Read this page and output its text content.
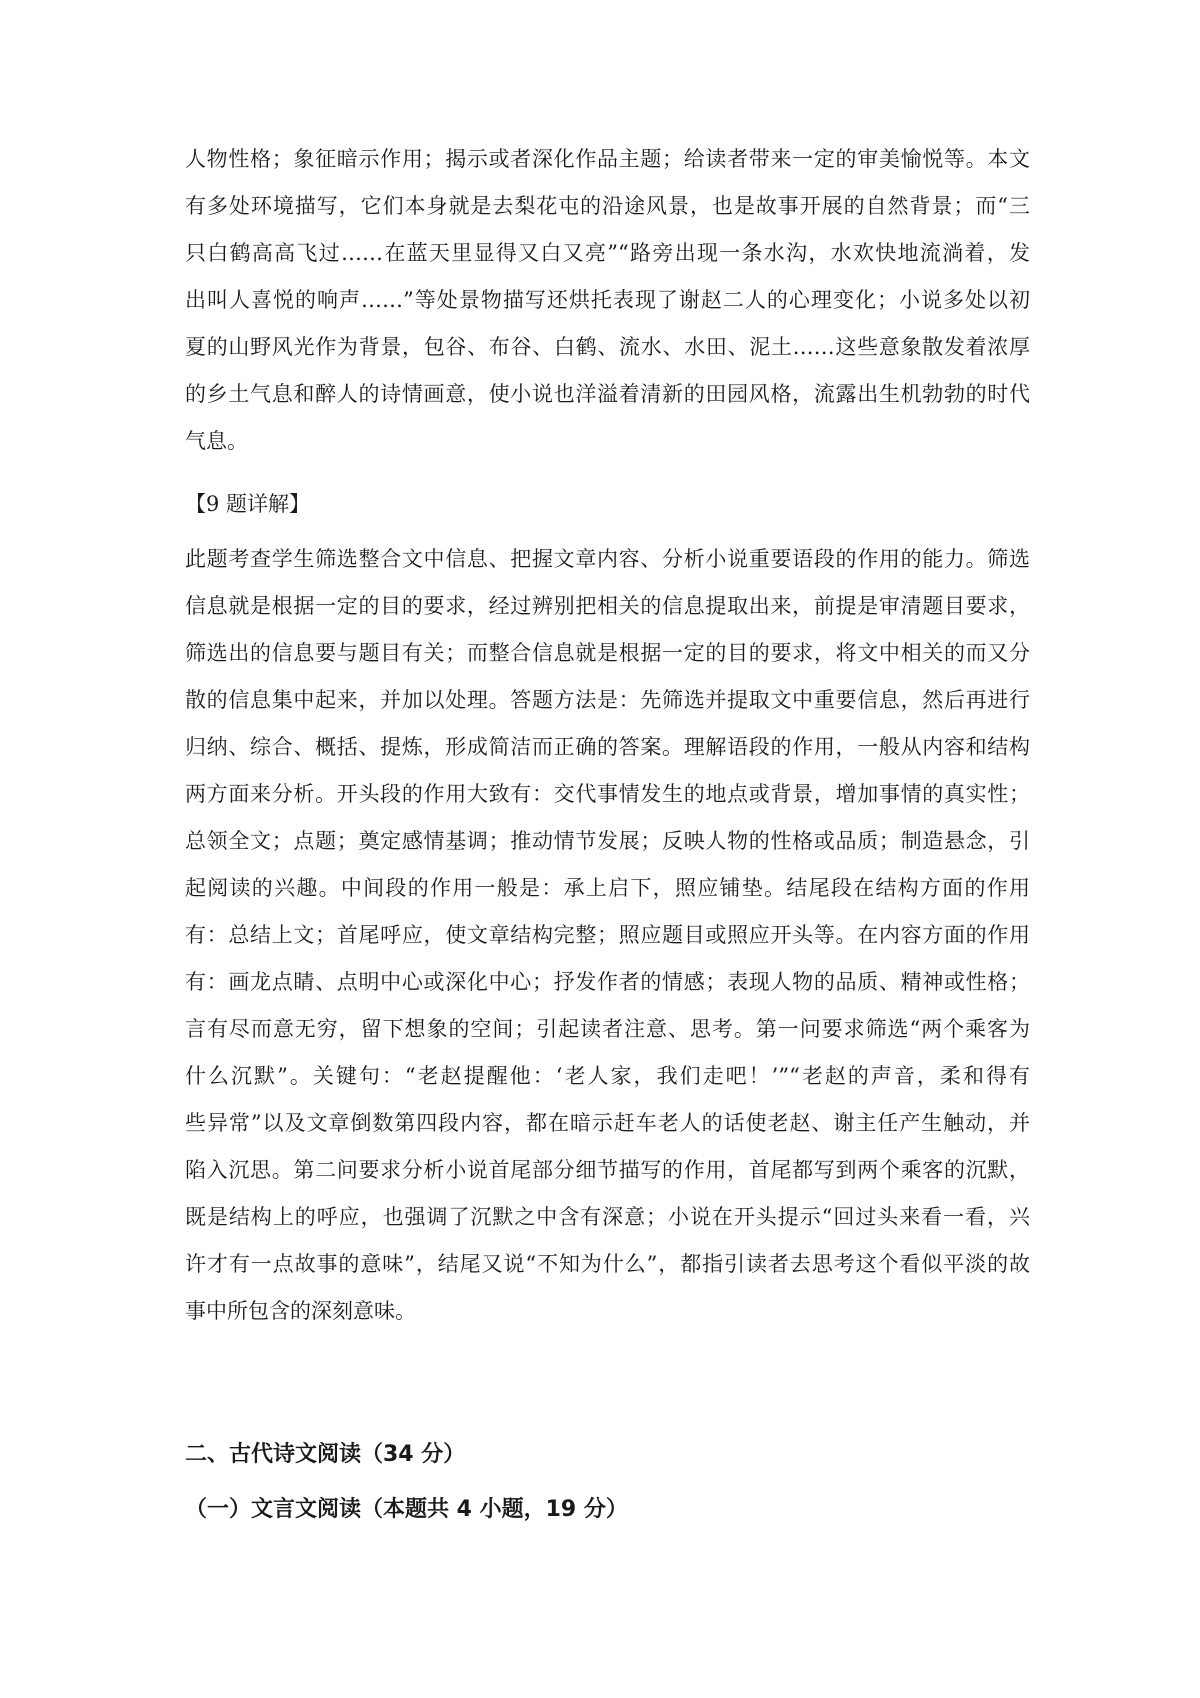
人物性格；象征暗示作用；揭示或者深化作品主题；给读者带来一定的审美愉悦等。本文
有多处环境描写，它们本身就是去梨花屯的沿途风景，也是故事开展的自然背景；而“三
只白鹤高高飞过……在蓝天里显得又白又亮”“路旁出现一条水沟，水欢快地流淌着，发
出叫人喜悦的响声……”等处景物描写还烘托表现了谢赵二人的心理变化；小说多处以初
夏的山野风光作为背景，包谷、布谷、白鹤、流水、水田、泥土……这些意象散发着浓厚
的乡土气息和醉人的诗情画意，使小说也洋溢着清新的田园风格，流露出生机勃勃的时代
气息。
【9 题详解】
此题考查学生筛选整合文中信息、把握文章内容、分析小说重要语段的作用的能力。筛选
信息就是根据一定的目的要求，经过辨别把相关的信息提取出来，前提是审清题目要求，
筛选出的信息要与题目有关；而整合信息就是根据一定的目的要求，将文中相关的而又分
散的信息集中起来，并加以处理。答题方法是：先筛选并提取文中重要信息，然后再进行
归纳、综合、概括、提炼，形成简洁而正确的答案。理解语段的作用，一般从内容和结构
两方面来分析。开头段的作用大致有：交代事情发生的地点或背景，增加事情的真实性；
总领全文；点题；奠定感情基调；推动情节发展；反映人物的性格或品质；制造悬念，引
起阅读的兴趣。中间段的作用一般是：承上启下，照应铺垫。结尾段在结构方面的作用
有：总结上文；首尾呼应，使文章结构完整；照应题目或照应开头等。在内容方面的作用
有：画龙点睛、点明中心或深化中心；抒发作者的情感；表现人物的品质、精神或性格；
言有尽而意无穷，留下想象的空间；引起读者注意、思考。第一问要求筛选“两个乘客为
什么沉默”。关键句：“老赵提醒他：‘老人家，我们走吧！’”“老赵的声音，柔和得有
些异常”以及文章倒数第四段内容，都在暗示赶车老人的话使老赵、谢主任产生触动，并
陷入沉思。第二问要求分析小说首尾部分细节描写的作用，首尾都写到两个乘客的沉默，
既是结构上的呼应，也强调了沉默之中含有深意；小说在开头提示“回过头来看一看，兴
许才有一点故事的意味”，结尾又说“不知为什么”，都指引读者去思考这个看似平淡的故
事中所包含的深刻意味。
二、古代诗文阅读（34 分）
（一）文言文阅读（本题共 4 小题，19 分）
